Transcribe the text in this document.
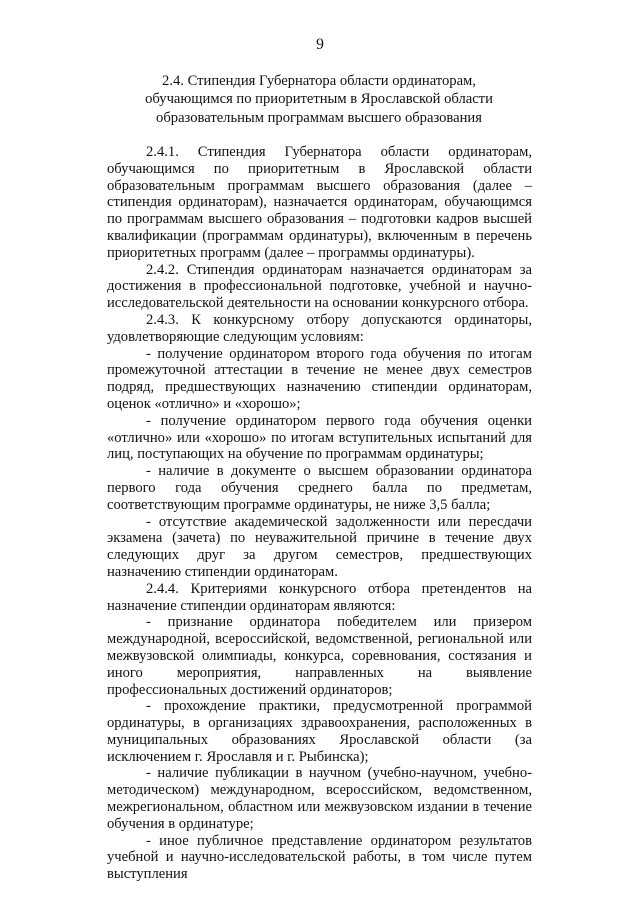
9
2.4. Стипендия Губернатора области ординаторам, обучающимся по приоритетным в Ярославской области образовательным программам высшего образования

2.4.1. Стипендия Губернатора области ординаторам, обучающимся по приоритетным в Ярославской области образовательным программам высшего образования (далее – стипендия ординаторам), назначается ординаторам, обучающимся по программам высшего образования – подготовки кадров высшей квалификации (программам ординатуры), включенным в перечень приоритетных программ (далее – программы ординатуры).

2.4.2. Стипендия ординаторам назначается ординаторам за достижения в профессиональной подготовке, учебной и научно-исследовательской деятельности на основании конкурсного отбора.

2.4.3. К конкурсному отбору допускаются ординаторы, удовлетворяющие следующим условиям:

- получение ординатором второго года обучения по итогам промежуточной аттестации в течение не менее двух семестров подряд, предшествующих назначению стипендии ординаторам, оценок «отлично» и «хорошо»;

- получение ординатором первого года обучения оценки «отлично» или «хорошо» по итогам вступительных испытаний для лиц, поступающих на обучение по программам ординатуры;

- наличие в документе о высшем образовании ординатора первого года обучения среднего балла по предметам, соответствующим программе ординатуры, не ниже 3,5 балла;

- отсутствие академической задолженности или пересдачи экзамена (зачета) по неуважительной причине в течение двух следующих друг за другом семестров, предшествующих назначению стипендии ординаторам.

2.4.4. Критериями конкурсного отбора претендентов на назначение стипендии ординаторам являются:

- признание ординатора победителем или призером международной, всероссийской, ведомственной, региональной или межвузовской олимпиады, конкурса, соревнования, состязания и иного мероприятия, направленных на выявление профессиональных достижений ординаторов;

- прохождение практики, предусмотренной программой ординатуры, в организациях здравоохранения, расположенных в муниципальных образованиях Ярославской области (за исключением г. Ярославля и г. Рыбинска);

- наличие публикации в научном (учебно-научном, учебно-методическом) международном, всероссийском, ведомственном, межрегиональном, областном или межвузовском издании в течение обучения в ординатуре;

- иное публичное представление ординатором результатов учебной и научно-исследовательской работы, в том числе путем выступления
